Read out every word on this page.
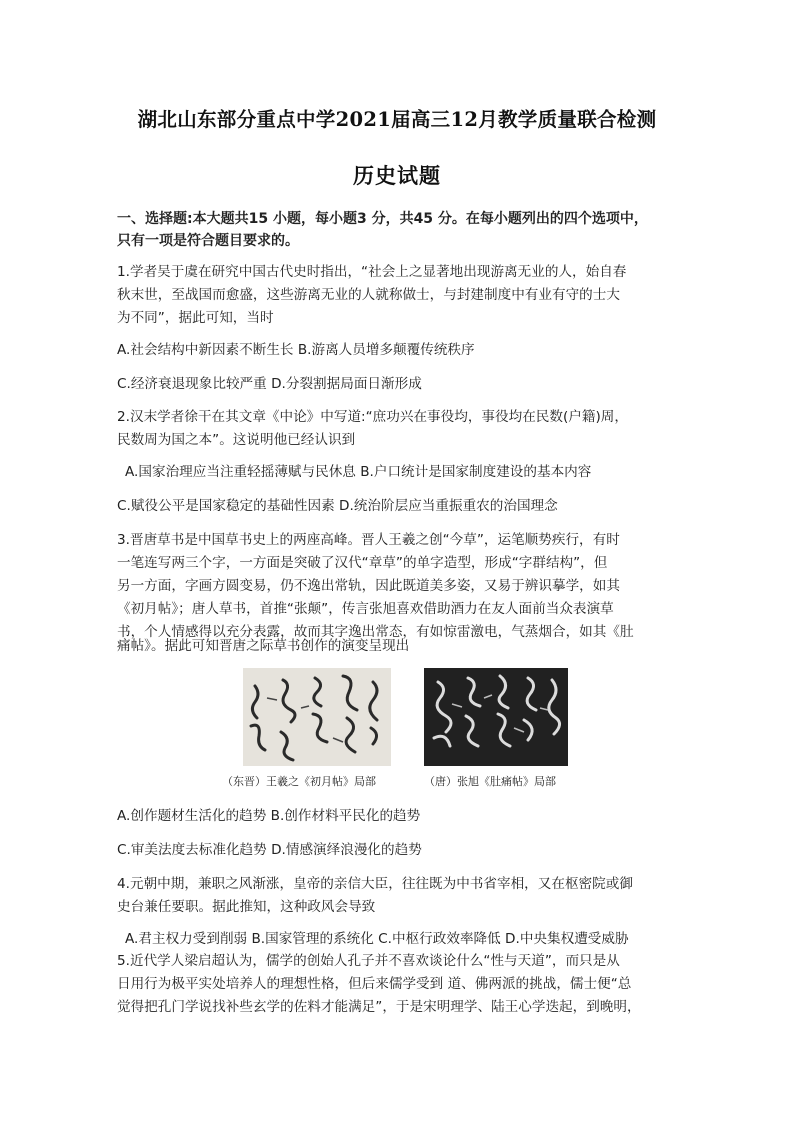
湖北山东部分重点中学2021届高三12月教学质量联合检测
历史试题
一、选择题:本大题共15 小题，每小题3 分，共45 分。在每小题列出的四个选项中，
只有一项是符合题目要求的。
1.学者吴于虞在研究中国古代史时指出，“社会上之显著地出现游离无业的人，始自春
秋末世，至战国而愈盛，这些游离无业的人就称做士，与封建制度中有业有守的士大
为不同”，据此可知，当时
A.社会结构中新因素不断生长 B.游离人员增多颠覆传统秩序
C.经济衰退现象比较严重 D.分裂割据局面日渐形成
2.汉末学者徐干在其文章《中论》中写道:“庶功兴在事役均，事役均在民数(户籍)周，
民数周为国之本”。这说明他已经认识到
A.国家治理应当注重轻摇薄赋与民休息 B.户口统计是国家制度建设的基本内容
C.赋役公平是国家稳定的基础性因素 D.统治阶层应当重振重农的治国理念
3.晋唐草书是中国草书史上的两座高峰。晋人王羲之创“今草”，运笔顺势疾行，有时
一笔连写两三个字，一方面是突破了汉代“章草”的单字造型，形成“字群结构”，但
另一方面，字画方圆变易，仍不逸出常轨，因此既道美多姿，又易于辨识摹学，如其
《初月帖》；唐人草书，首推“张颠”，传言张旭喜欢借助酒力在友人面前当众表演草
书，个人情感得以充分表露，故而其字逸出常态，有如惊雷激电，气蒸烟合，如其《肚
痛帖》。据此可知晋唐之际草书创作的演变呈现出
（东晋）王羲之《初月帖》局部	（唐）张旭《肚痛帖》局部
A.创作题材生活化的趋势 B.创作材料平民化的趋势
C.审美法度去标准化趋势 D.情感演绎浪漫化的趋势
4.元朝中期，兼职之风渐涨，皇帝的亲信大臣，往往既为中书省宰相，又在枢密院或御
史台兼任要职。据此推知，这种政风会导致
A.君主权力受到削弱 B.国家管理的系统化 C.中枢行政效率降低 D.中央集权遭受威胁
5.近代学人梁启超认为，儒学的创始人孔子并不喜欢谈论什么“性与天道”，而只是从
日用行为极平实处培养人的理想性格，但后来儒学受到 道、佛两派的挑战，儒士便“总
觉得把孔门学说找补些玄学的佐料才能满足”，于是宋明理学、陆王心学迭起，到晚明，
